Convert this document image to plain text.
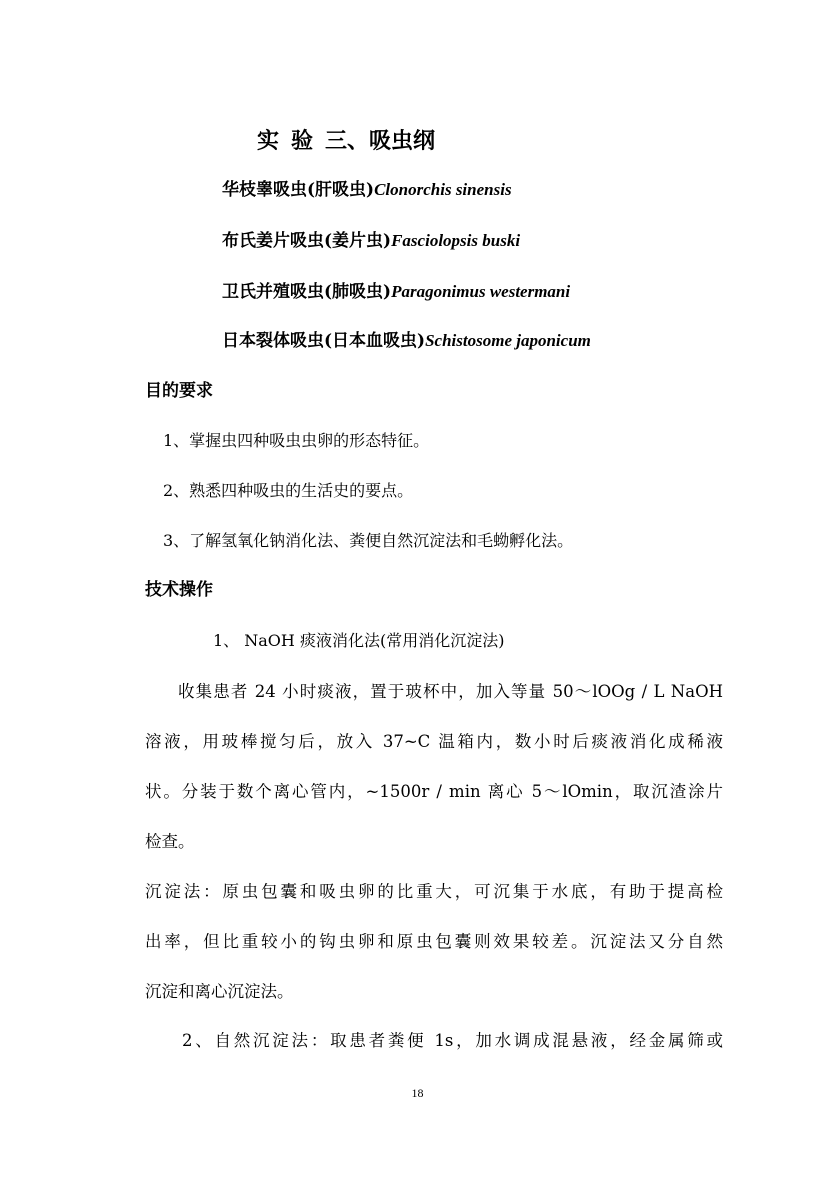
实 验 三、吸虫纲
华枝睾吸虫(肝吸虫)Clonorchis sinensis
布氏姜片吸虫(姜片虫)Fasciolopsis buski
卫氏并殖吸虫(肺吸虫)Paragonimus westermani
日本裂体吸虫(日本血吸虫)Schistosome japonicum
目的要求
1、掌握虫四种吸虫虫卵的形态特征。
2、熟悉四种吸虫的生活史的要点。
3、了解氢氧化钠消化法、粪便自然沉淀法和毛蚴孵化法。
技术操作
1、 NaOH 痰液消化法(常用消化沉淀法)
收集患者 24 小时痰液，置于玻杯中，加入等量 50～lOOg / L NaOH
溶液，用玻棒搅匀后，放入 37~C 温箱内，数小时后痰液消化成稀液
状。分装于数个离心管内，~1500r / min 离心 5～lOmin，取沉渣涂片
检查。
沉淀法：原虫包囊和吸虫卵的比重大，可沉集于水底，有助于提高检
出率，但比重较小的钩虫卵和原虫包囊则效果较差。沉淀法又分自然
沉淀和离心沉淀法。
2、自然沉淀法：取患者粪便 1s，加水调成混悬液，经金属筛或
18
